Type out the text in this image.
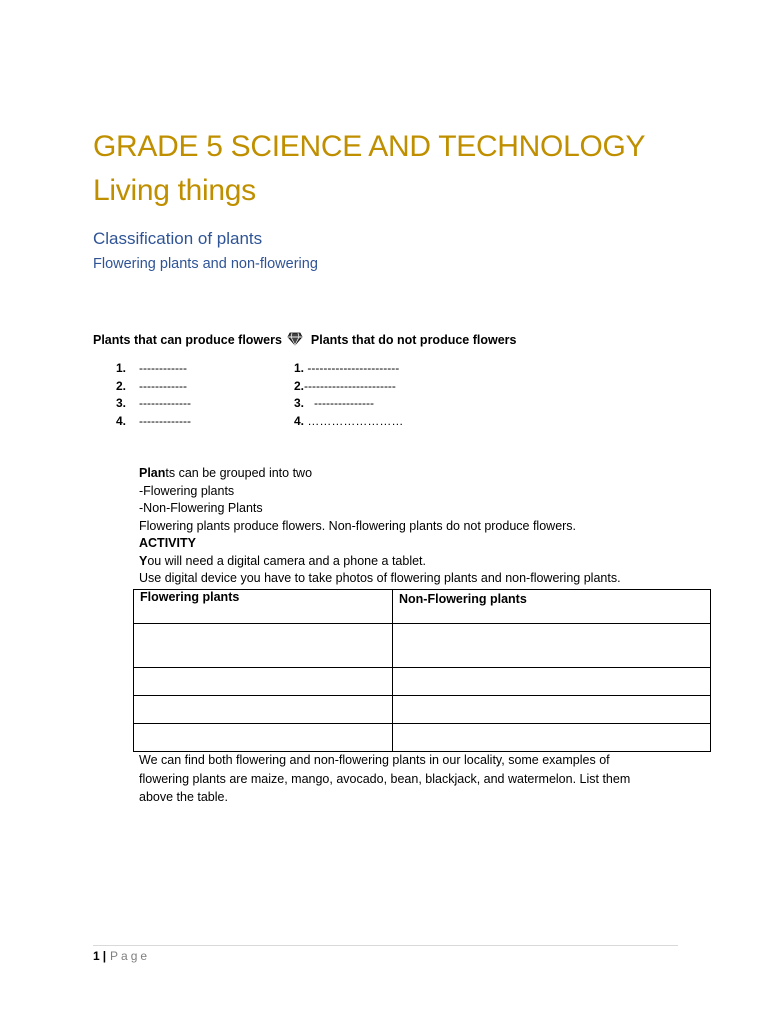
GRADE 5 SCIENCE AND TECHNOLOGY
Living things
Classification of plants
Flowering plants and non-flowering
Plants that can produce flowers Plants that do not produce flowers
1. ------------
2. ------------
3. -------------
4. -------------
1. -----------------------
2.-----------------------
3.   ---------------
4. ……………………
Plants can be grouped into two
-Flowering plants
-Non-Flowering Plants
Flowering plants produce flowers. Non-flowering plants do not produce flowers.
ACTIVITY
You will need a digital camera and a phone a tablet.
Use digital device you have to take photos of flowering plants and non-flowering plants.
Flowering plants	Non-Flowering plants

We can find both flowering and non-flowering plants in our locality, some examples of
flowering plants are maize, mango, avocado, bean, blackjack, and watermelon. List them
above the table.
1 | Page
